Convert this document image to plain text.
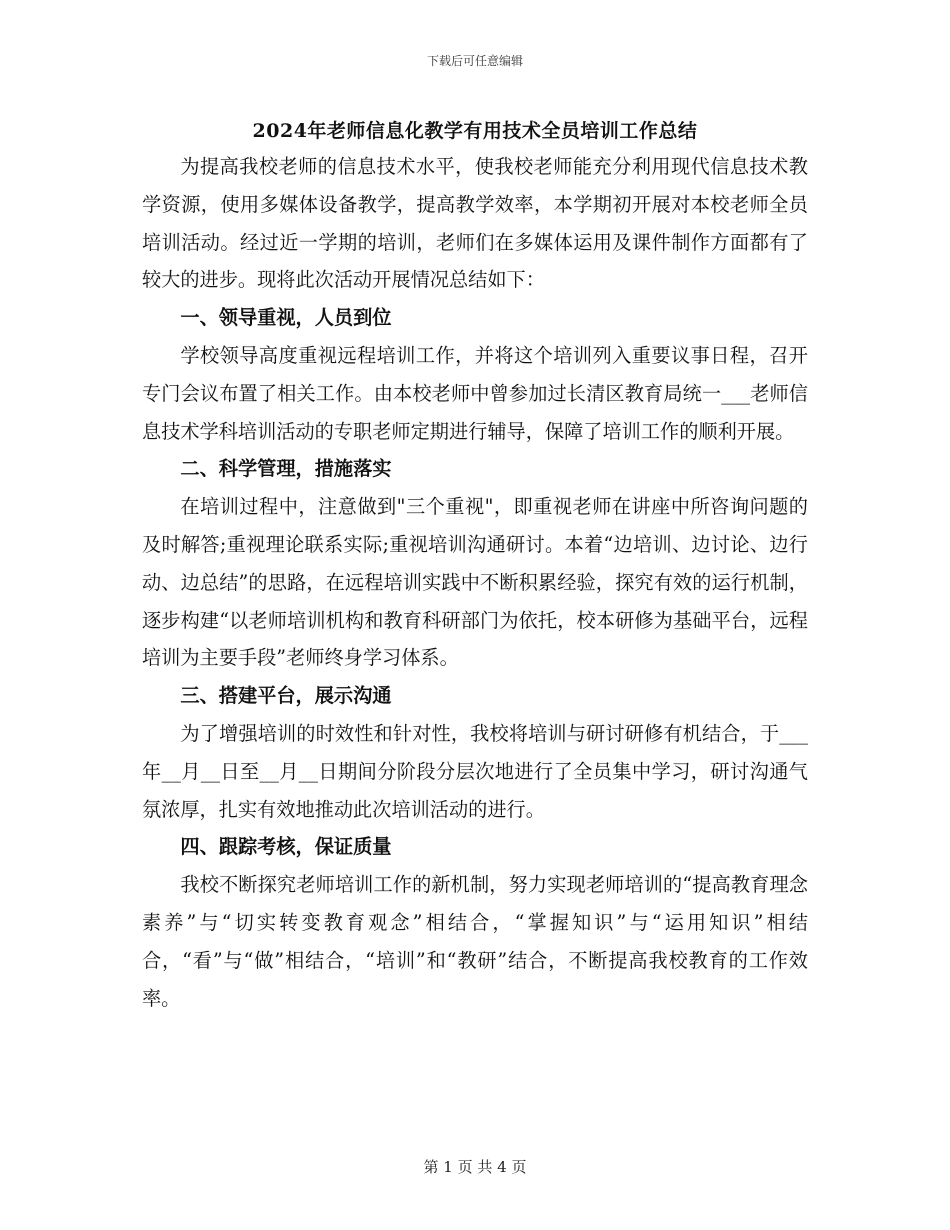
下载后可任意编辑
2024年老师信息化教学有用技术全员培训工作总结

为提高我校老师的信息技术水平，使我校老师能充分利用现代信息技术教学资源，使用多媒体设备教学，提高教学效率，本学期初开展对本校老师全员培训活动。经过近一学期的培训，老师们在多媒体运用及课件制作方面都有了较大的进步。现将此次活动开展情况总结如下：

一、领导重视，人员到位

学校领导高度重视远程培训工作，并将这个培训列入重要议事日程，召开专门会议布置了相关工作。由本校老师中曾参加过长清区教育局统一___老师信息技术学科培训活动的专职老师定期进行辅导，保障了培训工作的顺利开展。

二、科学管理，措施落实

在培训过程中，注意做到"三个重视"，即重视老师在讲座中所咨询问题的及时解答;重视理论联系实际;重视培训沟通研讨。本着“边培训、边讨论、边行动、边总结”的思路，在远程培训实践中不断积累经验，探究有效的运行机制，逐步构建“以老师培训机构和教育科研部门为依托，校本研修为基础平台，远程培训为主要手段”老师终身学习体系。

三、搭建平台，展示沟通

为了增强培训的时效性和针对性，我校将培训与研讨研修有机结合，于___年__月__日至__月__日期间分阶段分层次地进行了全员集中学习，研讨沟通气氛浓厚，扎实有效地推动此次培训活动的进行。

四、跟踪考核，保证质量

我校不断探究老师培训工作的新机制，努力实现老师培训的“提高教育理念素养”与“切实转变教育观念”相结合，“掌握知识”与“运用知识”相结合，“看”与“做”相结合，“培训”和“教研”结合，不断提高我校教育的工作效率。

第 1 页 共 4 页
